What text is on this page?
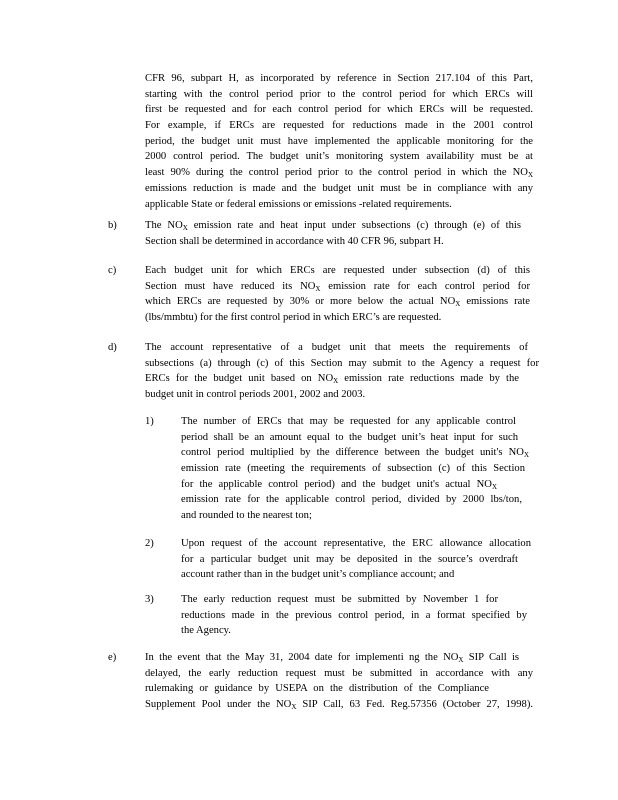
CFR 96, subpart H, as incorporated by reference in Section 217.104 of this Part,
starting with the control period prior to the control period for which ERCs will
first be requested and for each control period for which ERCs will be requested.
For example, if ERCs are requested for reductions made in the 2001 control
period, the budget unit must have implemented the applicable monitoring for the
2000 control period. The budget unit’s monitoring system availability must be at
least 90% during the control period prior to the control period in which the $NO_X$
emissions reduction is made and the budget unit must be in compliance with any
applicable State or federal emissions or emissions -related requirements.
b)	The $NO_X$ emission rate and heat input under subsections (c) through (e) of this
Section shall be determined in accordance with 40 CFR 96, subpart H.
c)	Each budget unit for which ERCs are requested under subsection (d) of this
Section must have reduced its $NO_X$ emission rate for each control period for
which ERCs are requested by 30% or more below the actual $NO_X$ emissions rate
(lbs/mmbtu) for the first control period in which ERC’s are requested.
d)	The account representative of a budget unit that meets the requirements of
subsections (a) through (c) of this Section may submit to the Agency a request for
ERCs for the budget unit based on $NO_X$ emission rate reductions made by the
budget unit in control periods 2001, 2002 and 2003.
1)	The number of ERCs that may be requested for any applicable control
period shall be an amount equal to the budget unit’s heat input for such
control period multiplied by the difference between the budget unit's $NO_X$
emission rate (meeting the requirements of subsection (c) of this Section
for the applicable control period) and the budget unit's actual $NO_X$
emission rate for the applicable control period, divided by 2000 lbs/ton,
and rounded to the nearest ton;
2)	Upon request of the account representative, the ERC allowance allocation
for a particular budget unit may be deposited in the source’s overdraft
account rather than in the budget unit’s compliance account; and
3)	The early reduction request must be submitted by November 1 for
reductions made in the previous control period, in a format specified by
the Agency.
e)	In the event that the May 31, 2004 date for implementi ng the $NO_X$ SIP Call is
delayed, the early reduction request must be submitted in accordance with any
rulemaking or guidance by USEPA on the distribution of the Compliance
Supplement Pool under the $NO_X$ SIP Call, 63 Fed. Reg.57356 (October 27, 1998).
